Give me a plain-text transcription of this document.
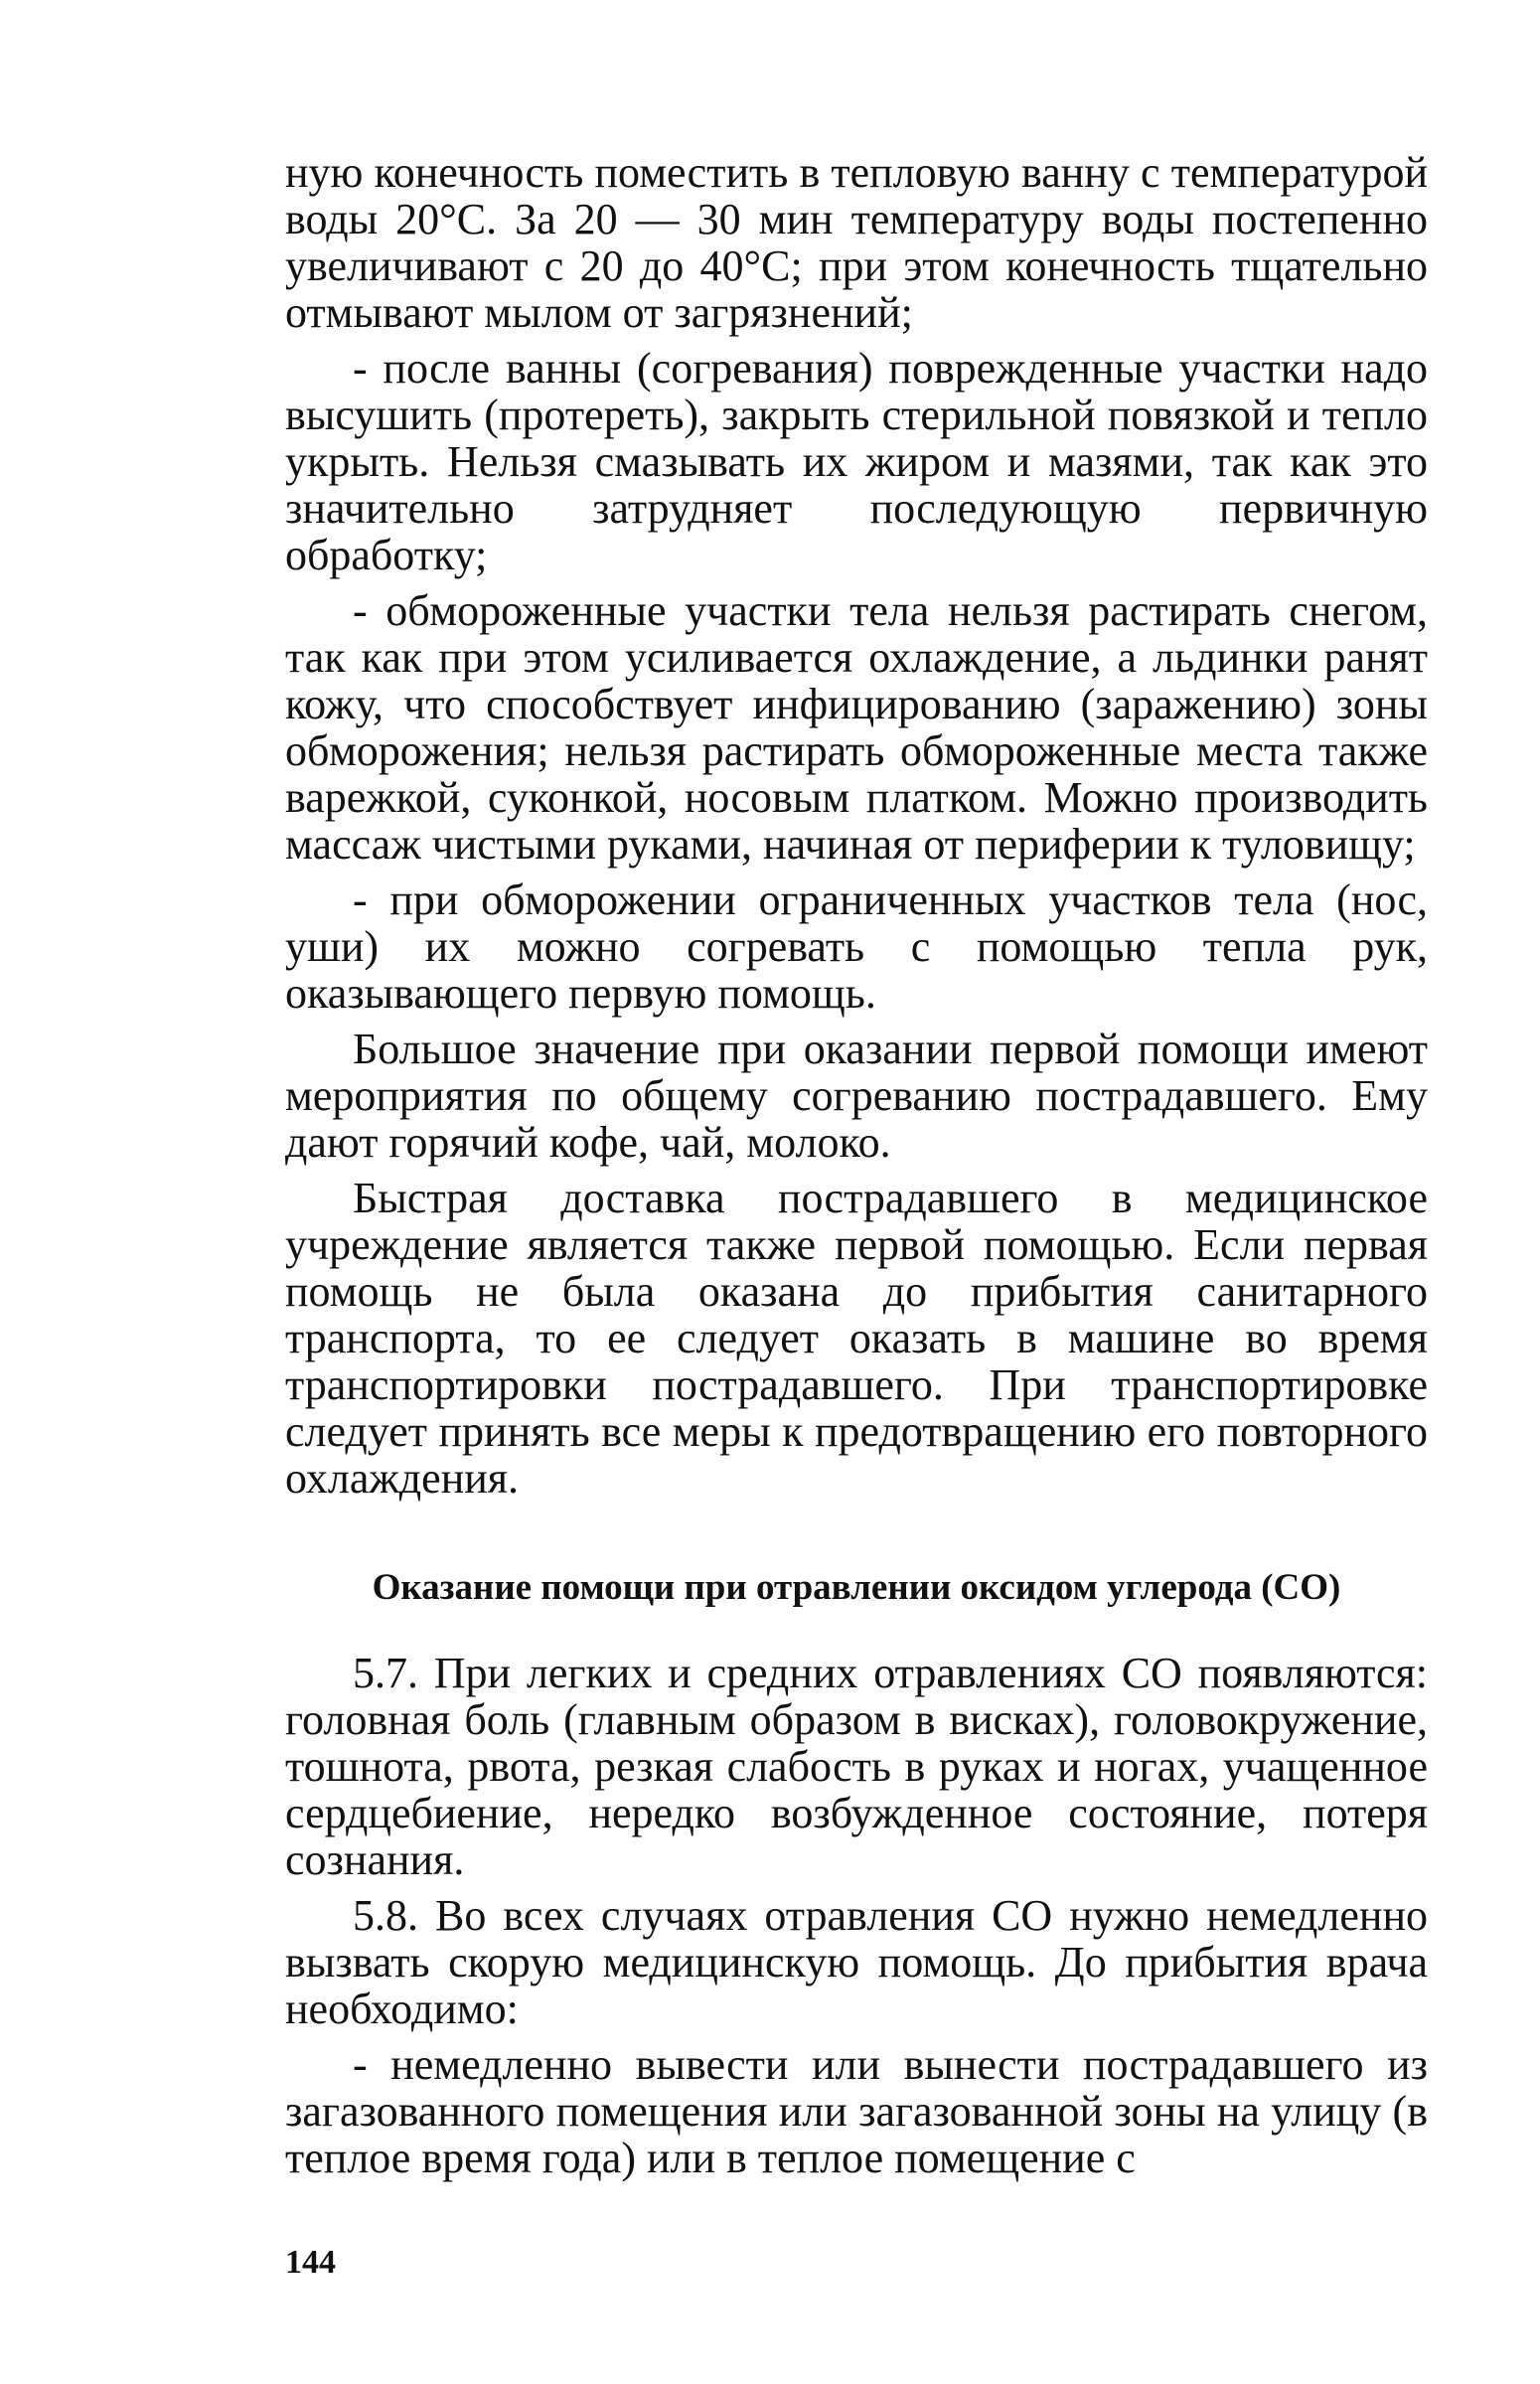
ную конечность поместить в тепловую ванну с температурой воды 20°С. За 20 — 30 мин температуру воды постепенно увеличивают с 20 до 40°С; при этом конечность тщательно отмывают мылом от загрязнений;

- после ванны (согревания) поврежденные участки надо высушить (протереть), закрыть стерильной повязкой и тепло укрыть. Нельзя смазывать их жиром и мазями, так как это значительно затрудняет последующую первичную обработку;

- обмороженные участки тела нельзя растирать снегом, так как при этом усиливается охлаждение, а льдинки ранят кожу, что способствует инфицированию (заражению) зоны обморожения; нельзя растирать обмороженные места также варежкой, суконкой, носовым платком. Можно производить массаж чистыми руками, начиная от периферии к туловищу;

- при обморожении ограниченных участков тела (нос, уши) их можно согревать с помощью тепла рук, оказывающего первую помощь.

Большое значение при оказании первой помощи имеют мероприятия по общему согреванию пострадавшего. Ему дают горячий кофе, чай, молоко.

Быстрая доставка пострадавшего в медицинское учреждение является также первой помощью. Если первая помощь не была оказана до прибытия санитарного транспорта, то ее следует оказать в машине во время транспортировки пострадавшего. При транспортировке следует принять все меры к предотвращению его повторного охлаждения.

Оказание помощи при отравлении оксидом углерода (СО)

5.7. При легких и средних отравлениях СО появляются: головная боль (главным образом в висках), головокружение, тошнота, рвота, резкая слабость в руках и ногах, учащенное сердцебиение, нередко возбужденное состояние, потеря сознания.

5.8. Во всех случаях отравления СО нужно немедленно вызвать скорую медицинскую помощь. До прибытия врача необходимо:

- немедленно вывести или вынести пострадавшего из загазованного помещения или загазованной зоны на улицу (в теплое время года) или в теплое помещение с

144
